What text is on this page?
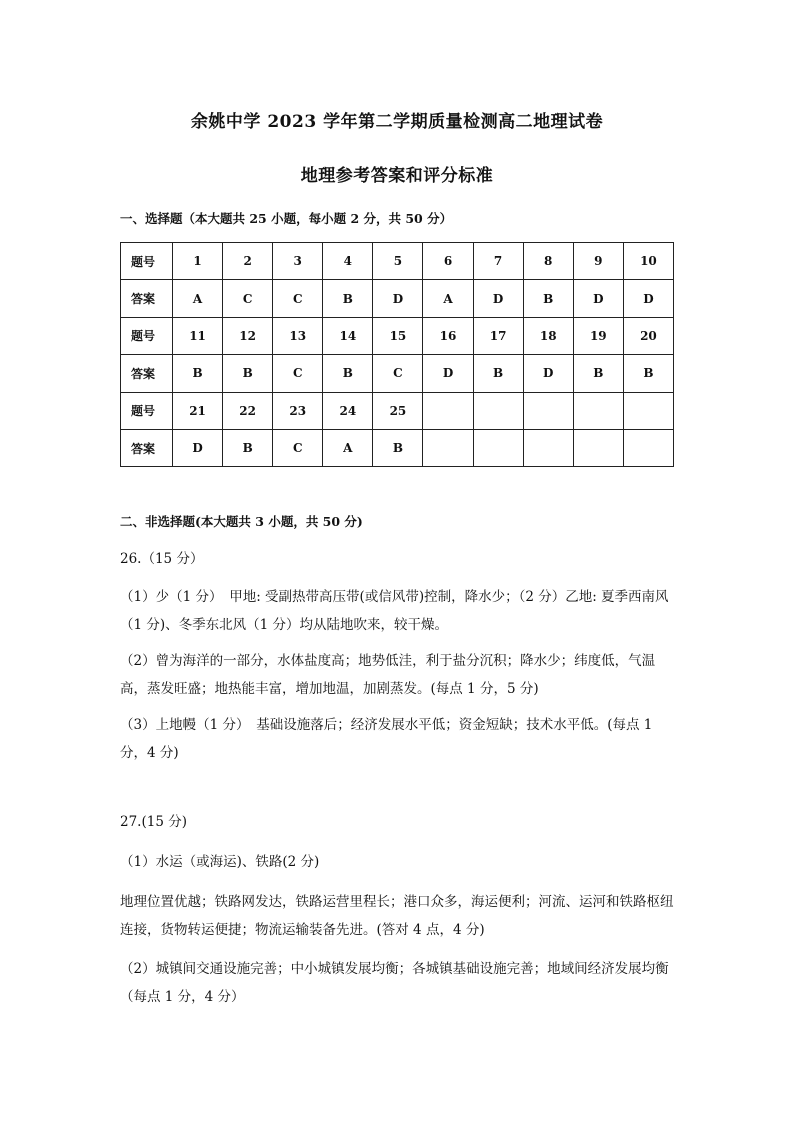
余姚中学 2023 学年第二学期质量检测高二地理试卷
地理参考答案和评分标准
一、选择题（本大题共 25 小题，每小题 2 分，共 50 分）
题号	1	2	3	4	5	6	7	8	9	10
答案	A	C	C	B	D	A	D	B	D	D
题号	11	12	13	14	15	16	17	18	19	20
答案	B	B	C	B	C	D	B	D	B	B
题号	21	22	23	24	25					
答案	D	B	C	A	B					
二、非选择题(本大题共 3 小题，共 50 分)

26.（15 分）

（1）少（1 分）　甲地: 受副热带高压带(或信风带)控制，降水少；（2 分）乙地: 夏季西南风（1 分)、冬季东北风（1 分）均从陆地吹来，较干燥。

（2）曾为海洋的一部分，水体盐度高；地势低洼，利于盐分沉积；降水少；纬度低，气温高，蒸发旺盛；地热能丰富，增加地温，加剧蒸发。(每点 1 分，5 分)

（3）上地幔（1 分）　基础设施落后；经济发展水平低；资金短缺；技术水平低。(每点 1 分，4 分)

27.(15 分)

（1）水运（或海运)、铁路(2 分)

地理位置优越；铁路网发达，铁路运营里程长；港口众多，海运便利；河流、运河和铁路枢纽连接，货物转运便捷；物流运输装备先进。(答对 4 点，4 分)

（2）城镇间交通设施完善；中小城镇发展均衡；各城镇基础设施完善；地域间经济发展均衡（每点 1 分，4 分）
